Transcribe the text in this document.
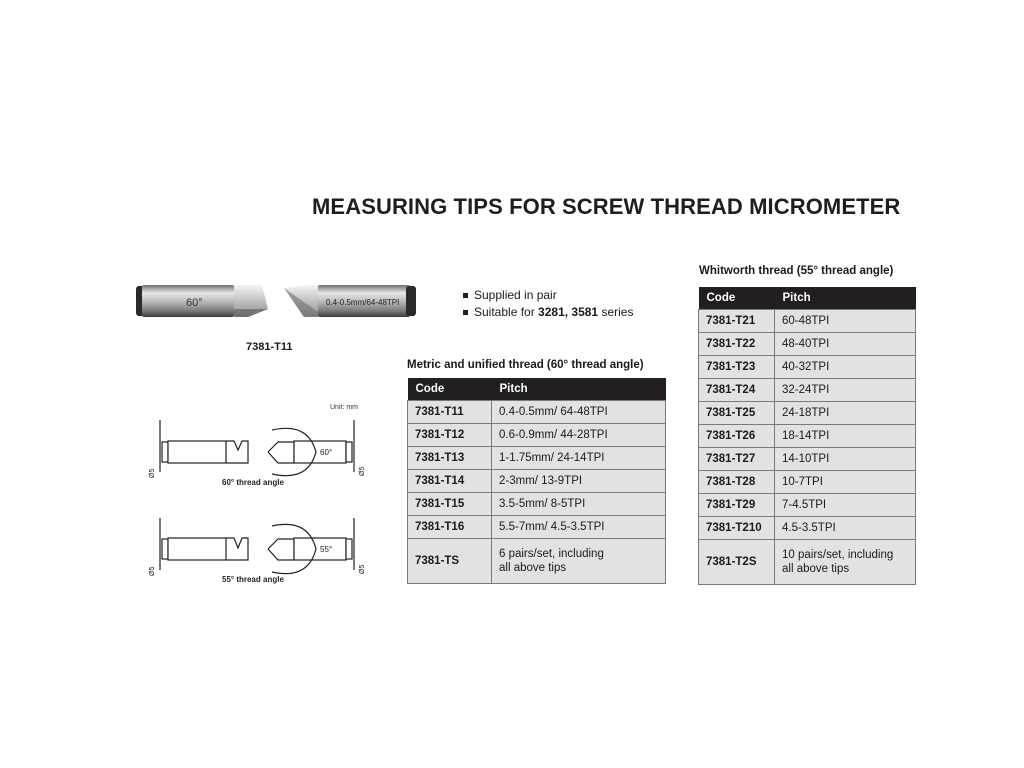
MEASURING TIPS FOR SCREW THREAD MICROMETER
60°	0.4-0.5mm/64-48TPI
7381-T11
Supplied in pair
Suitable for 3281, 3581 series
Unit: mm
60°
60° thread angle
Ø5	Ø5
55°
55° thread angle
Ø5	Ø5
Metric and unified thread (60° thread angle)
Code	Pitch
7381-T11	0.4-0.5mm/ 64-48TPI
7381-T12	0.6-0.9mm/ 44-28TPI
7381-T13	1-1.75mm/ 24-14TPI
7381-T14	2-3mm/ 13-9TPI
7381-T15	3.5-5mm/ 8-5TPI
7381-T16	5.5-7mm/ 4.5-3.5TPI
7381-TS	6 pairs/set, including
all above tips
Whitworth thread (55° thread angle)
Code	Pitch
7381-T21	60-48TPI
7381-T22	48-40TPI
7381-T23	40-32TPI
7381-T24	32-24TPI
7381-T25	24-18TPI
7381-T26	18-14TPI
7381-T27	14-10TPI
7381-T28	10-7TPI
7381-T29	7-4.5TPI
7381-T210	4.5-3.5TPI
7381-T2S	10 pairs/set, including
all above tips
